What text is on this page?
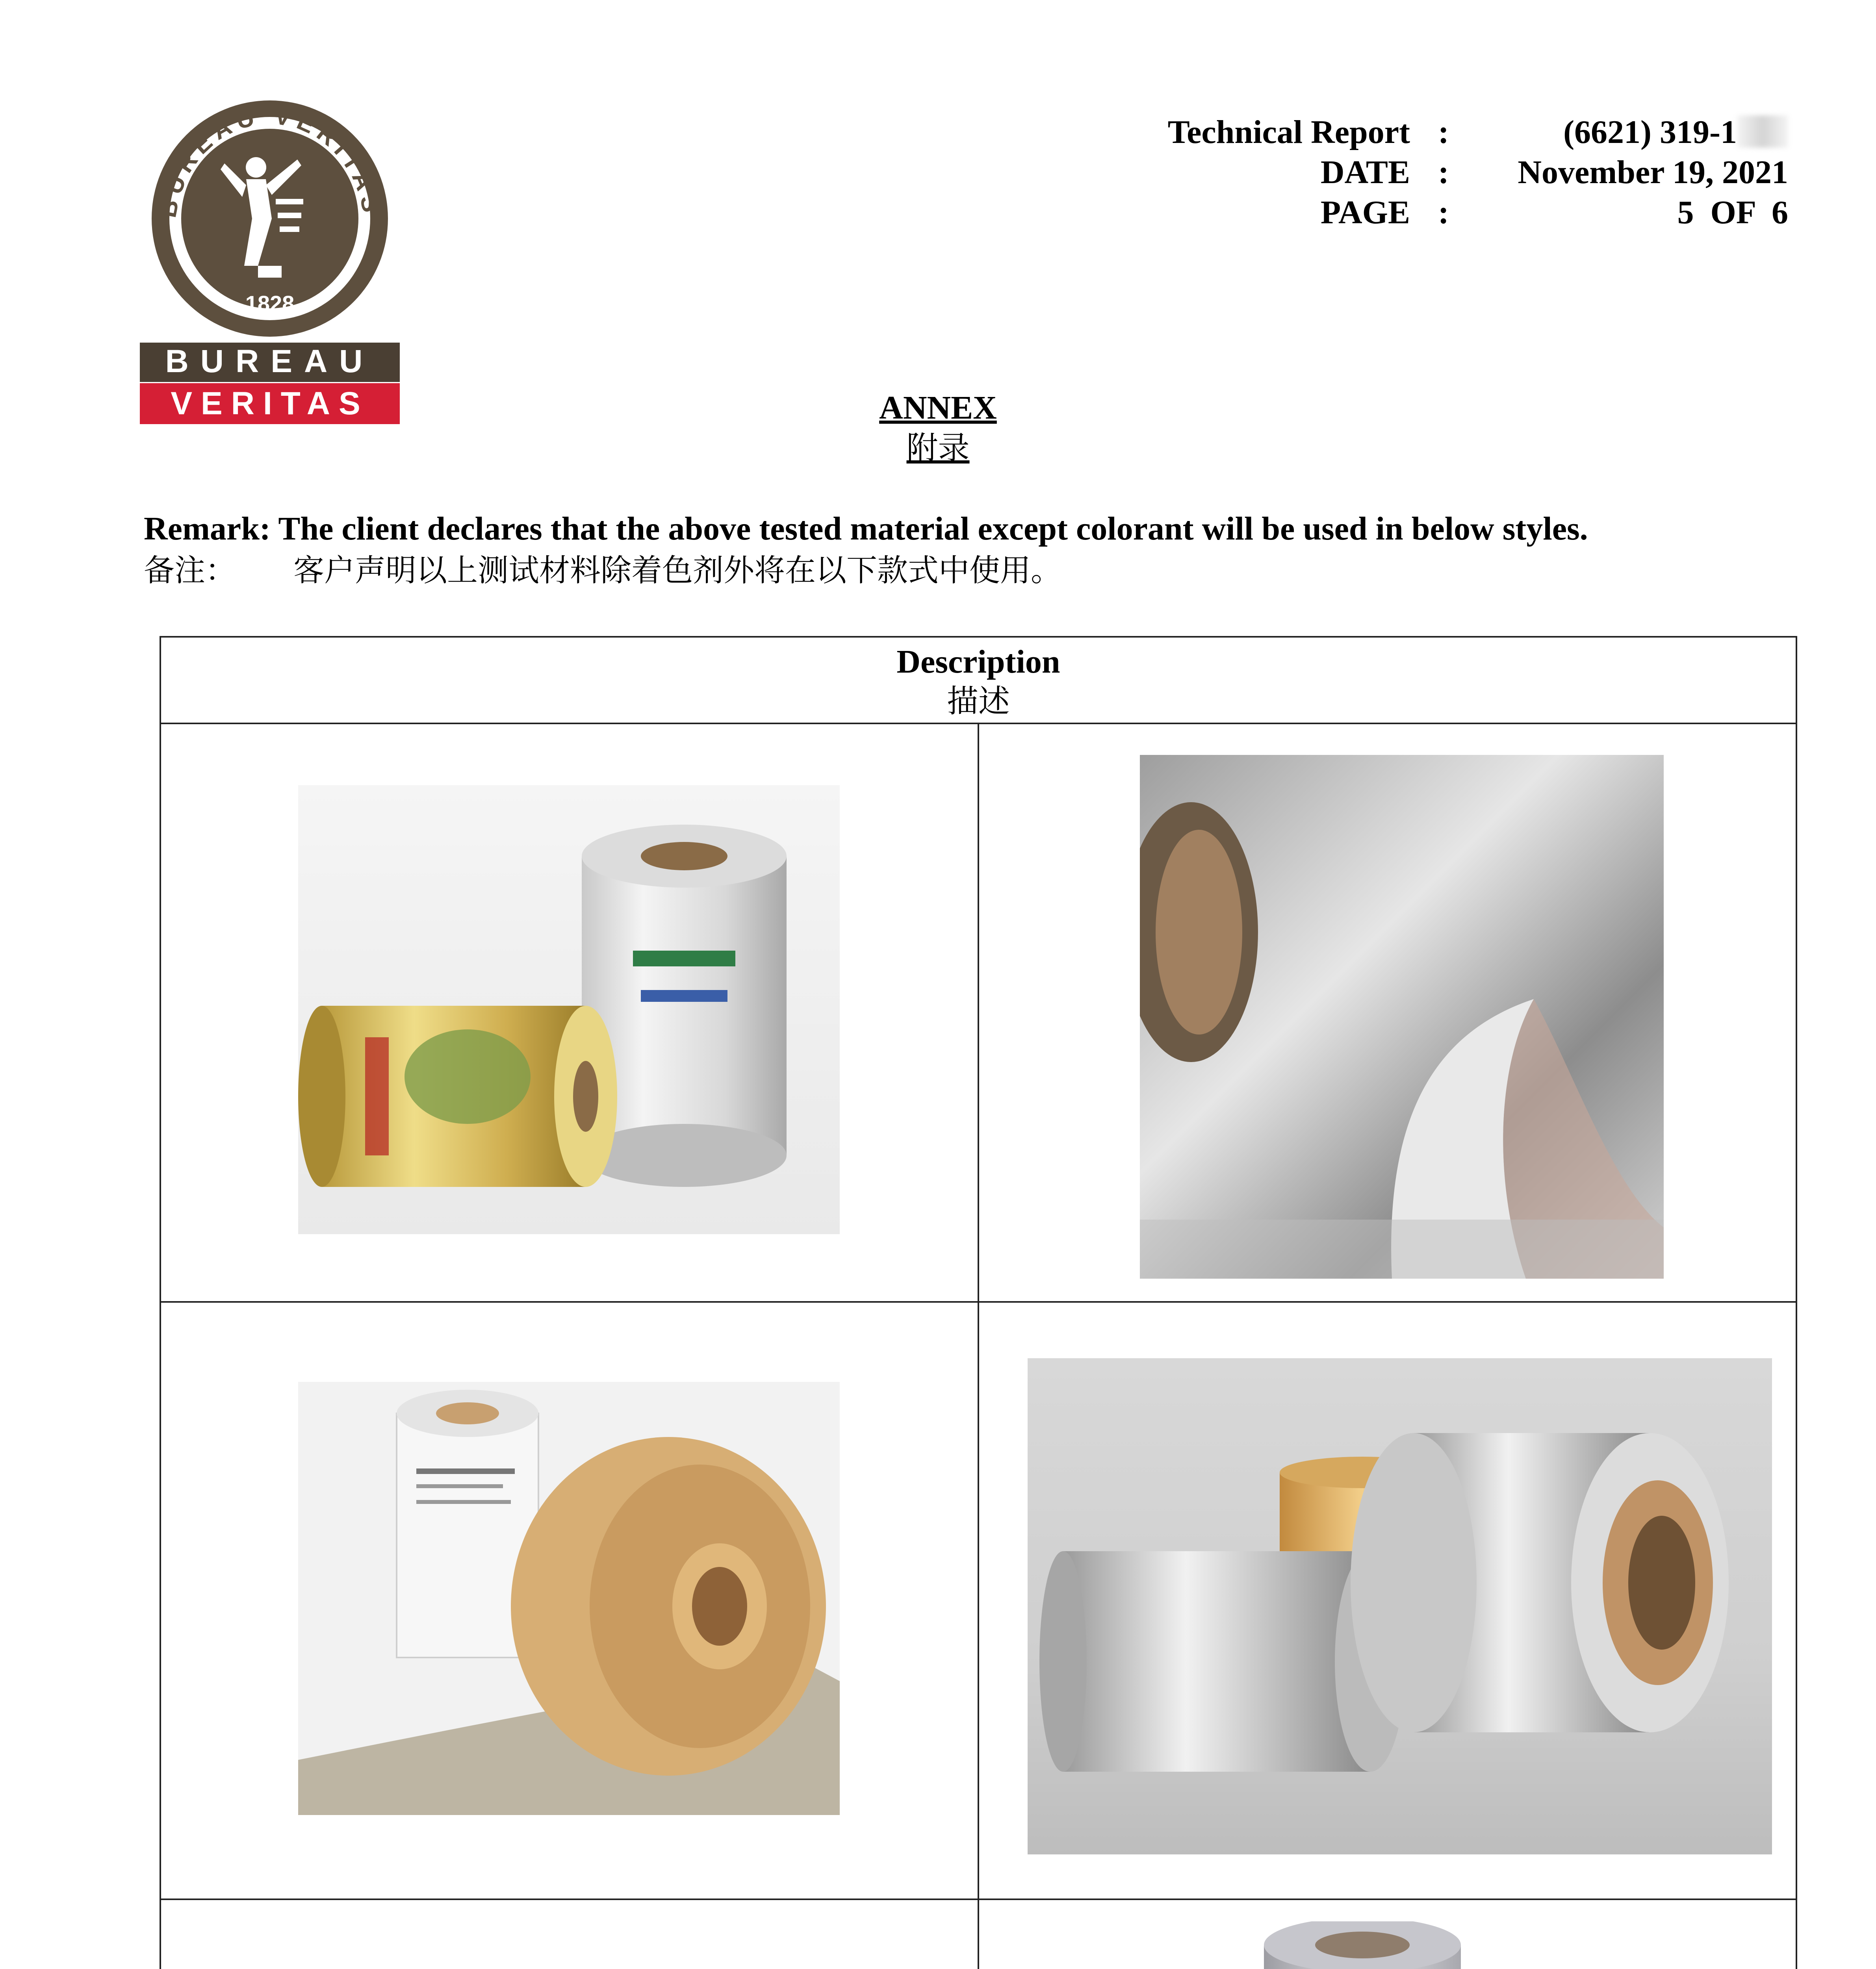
BUREAU VERITAS
1828
BUREAU
VERITAS
Technical Report :	(6621) 319-1
DATE :	November 19, 2021
PAGE :	5  OF  6
ANNEX
附录
Remark: The client declares that the above tested material except colorant will be used in below styles.
备注： 客户声明以上测试材料除着色剂外将在以下款式中使用。
Description
描述
